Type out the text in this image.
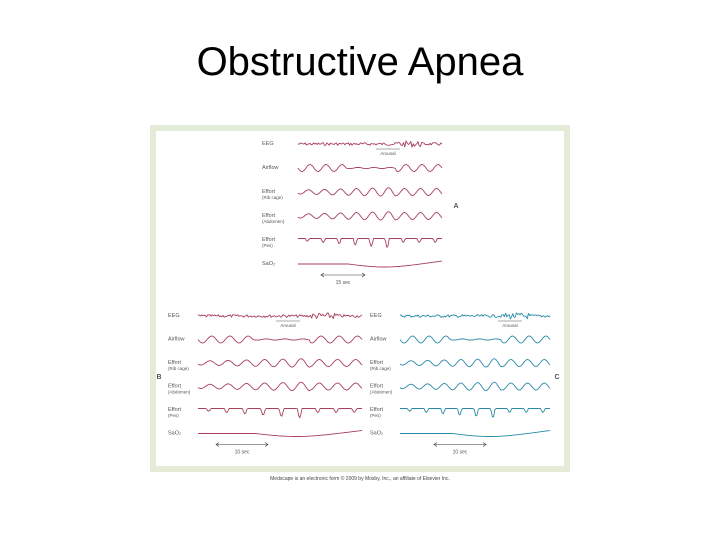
Obstructive Apnea
EEG
Airflow
Effort
(Rib cage)
Effort
(Abdomen)
Effort
(Pes)
SaO₂
Arousal
15 sec
A
EEG
Airflow
Effort
(Rib cage)
Effort
(Abdomen)
Effort
(Pes)
SaO₂
Arousal
10 sec
B
EEG
Airflow
Effort
(Rib cage)
Effort
(Abdomen)
Effort
(Pes)
SaO₂
Arousal
10 sec
C
Medscape is an electronic form © 2009 by Mosby, Inc., an affiliate of Elsevier Inc.
